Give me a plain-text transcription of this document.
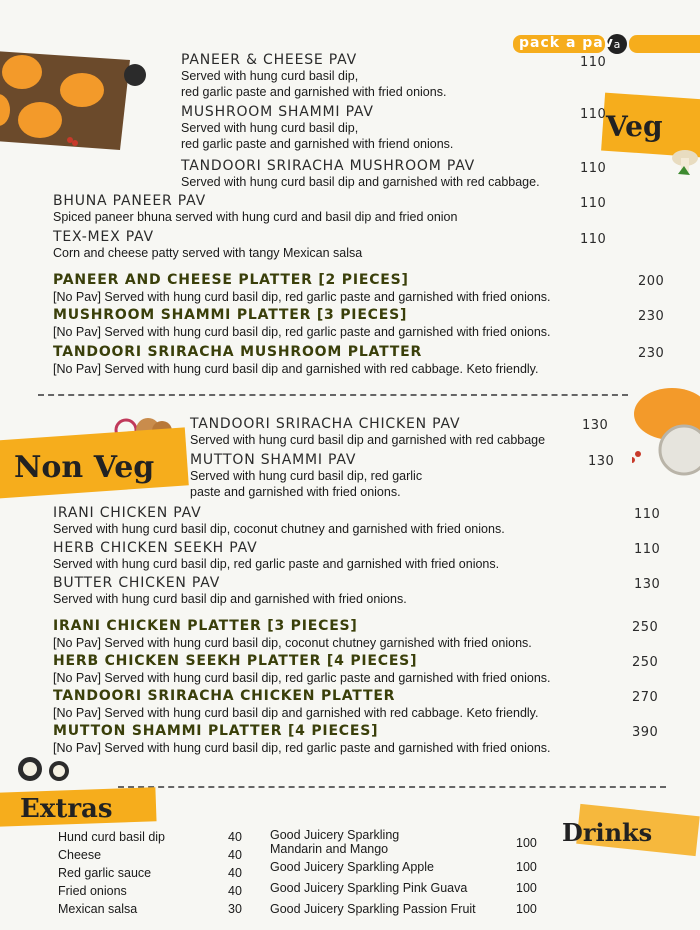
a
pack a pav
Veg
PANEER & CHEESE PAV
Served with hung curd basil dip,
red garlic paste and garnished with fried onions.
110
MUSHROOM SHAMMI PAV
Served with hung curd basil dip,
red garlic paste and garnished with friend onions.
110
TANDOORI SRIRACHA MUSHROOM PAV
Served with hung curd basil dip and garnished with red cabbage.
110
BHUNA PANEER PAV
Spiced paneer bhuna served with hung curd and basil dip and fried onion
110
TEX-MEX PAV
Corn and cheese patty served with tangy Mexican salsa
110
PANEER AND CHEESE PLATTER [2 PIECES]
[No Pav] Served with hung curd basil dip, red garlic paste and garnished with fried onions.
200
MUSHROOM SHAMMI PLATTER [3 PIECES]
[No Pav] Served with hung curd basil dip, red garlic paste and garnished with fried onions.
230
TANDOORI SRIRACHA MUSHROOM PLATTER
[No Pav] Served with hung curd basil dip and garnished with red cabbage. Keto friendly.
230
Non Veg
TANDOORI SRIRACHA CHICKEN PAV
Served with hung curd basil dip and garnished with red cabbage
130
MUTTON SHAMMI PAV
Served with hung curd basil dip, red garlic
paste and garnished with fried onions.
130
IRANI CHICKEN PAV
Served with hung curd basil dip, coconut chutney and garnished with fried onions.
110
HERB CHICKEN SEEKH PAV
Served with hung curd basil dip, red garlic paste and garnished with fried onions.
110
BUTTER CHICKEN PAV
Served with hung curd basil dip and garnished with fried onions.
130
IRANI CHICKEN PLATTER [3 PIECES]
[No Pav] Served with hung curd basil dip, coconut chutney garnished with fried onions.
250
HERB CHICKEN SEEKH PLATTER [4 PIECES]
[No Pav] Served with hung curd basil dip, red garlic paste and garnished with fried onions.
250
TANDOORI SRIRACHA CHICKEN PLATTER
[No Pav] Served with hung curd basil dip and garnished with red cabbage. Keto friendly.
270
MUTTON SHAMMI PLATTER [4 PIECES]
[No Pav] Served with hung curd basil dip, red garlic paste and garnished with fried onions.
390
Extras
Drinks
Hund curd basil dip	40
Cheese	40
Red garlic sauce	40
Fried onions	40
Mexican salsa	30
Good Juicery Sparkling
Mandarin and Mango	100
Good Juicery Sparkling Apple	100
Good Juicery Sparkling Pink Guava	100
Good Juicery Sparkling Passion Fruit	100
